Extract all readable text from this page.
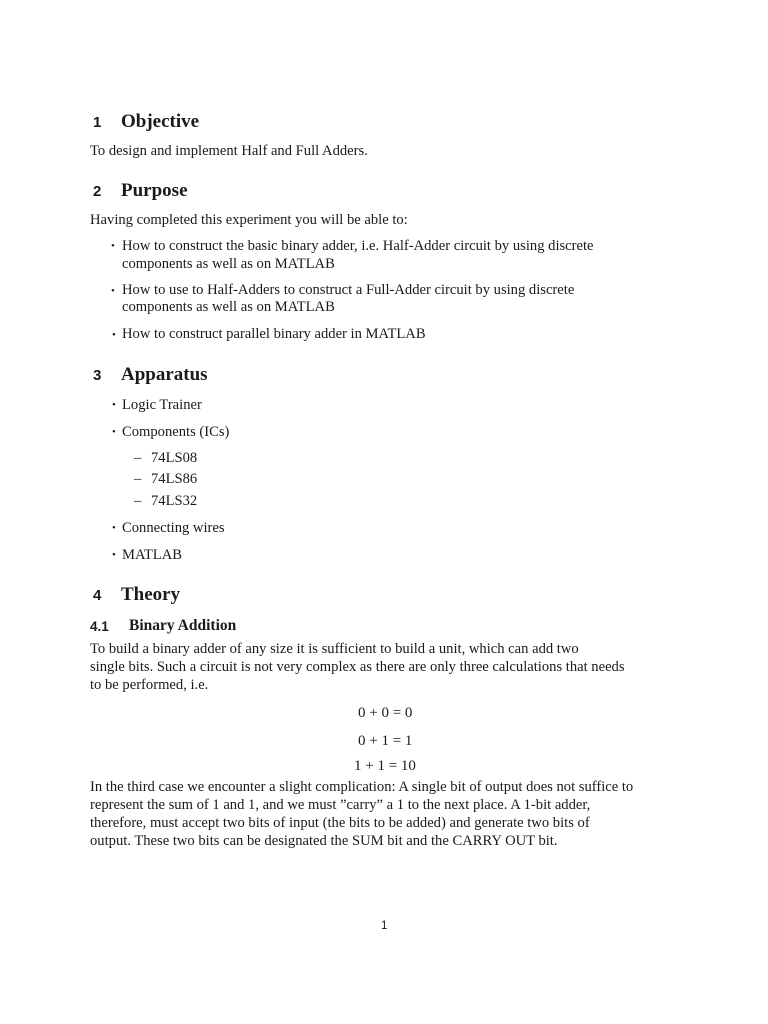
1 Objective
To design and implement Half and Full Adders.
2 Purpose
Having completed this experiment you will be able to:
• How to construct the basic binary adder, i.e. Half-Adder circuit by using discrete
components as well as on MATLAB
• How to use to Half-Adders to construct a Full-Adder circuit by using discrete
components as well as on MATLAB
• How to construct parallel binary adder in MATLAB
3 Apparatus
• Logic Trainer
• Components (ICs)
– 74LS08
– 74LS86
– 74LS32
• Connecting wires
• MATLAB
4 Theory
4.1 Binary Addition
To build a binary adder of any size it is sufficient to build a unit, which can add two
single bits. Such a circuit is not very complex as there are only three calculations that needs
to be performed, i.e.
0 + 0 = 0
0 + 1 = 1
1 + 1 = 10
In the third case we encounter a slight complication: A single bit of output does not suffice to
represent the sum of 1 and 1, and we must ”carry” a 1 to the next place. A 1-bit adder,
therefore, must accept two bits of input (the bits to be added) and generate two bits of
output. These two bits can be designated the SUM bit and the CARRY OUT bit.
1
